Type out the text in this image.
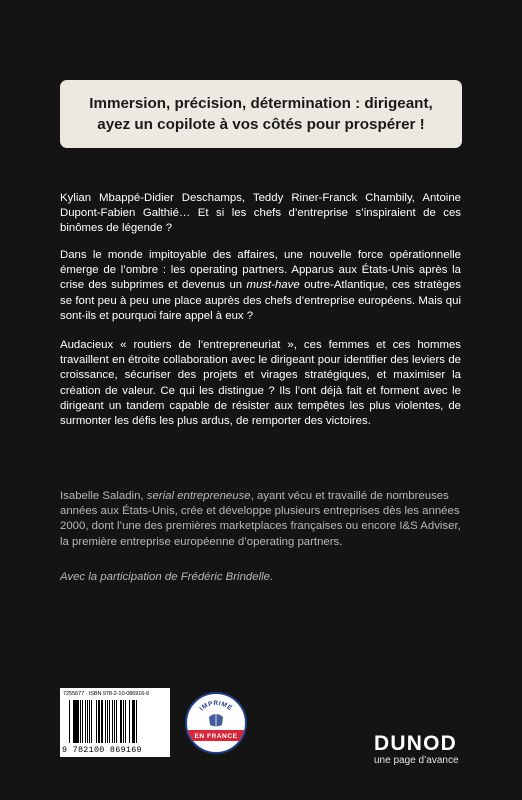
Immersion, précision, détermination : dirigeant,
ayez un copilote à vos côtés pour prospérer !

Kylian Mbappé-Didier Deschamps, Teddy Riner-Franck Chambily, Antoine Dupont-Fabien Galthié… Et si les chefs d’entreprise s’inspiraient de ces binômes de légende ?

Dans le monde impitoyable des affaires, une nouvelle force opérationnelle émerge de l’ombre : les operating partners. Apparus aux États-Unis après la crise des subprimes et devenus un must-have outre-Atlantique, ces stratèges se font peu à peu une place auprès des chefs d’entreprise européens. Mais qui sont-ils et pourquoi faire appel à eux ?

Audacieux « routiers de l’entrepreneuriat », ces femmes et ces hommes travaillent en étroite collaboration avec le dirigeant pour identifier des leviers de croissance, sécuriser des projets et virages stratégiques, et maximiser la création de valeur. Ce qui les distingue ? Ils l’ont déjà fait et forment avec le dirigeant un tandem capable de résister aux tempêtes les plus violentes, de surmonter les défis les plus ardus, de remporter des victoires.

Isabelle Saladin, serial entrepreneuse, ayant vécu et travaillé de nombreuses années aux États-Unis, crée et développe plusieurs entreprises dès les années 2000, dont l’une des premières marketplaces françaises ou encore I&S Adviser, la première entreprise européenne d’operating partners.

Avec la participation de Frédéric Brindelle.

7255677 · ISBN 978-2-10-086916-9
9 782100 869169
IMPRIMÉ
EN FRANCE	DUNOD
une page d’avance
